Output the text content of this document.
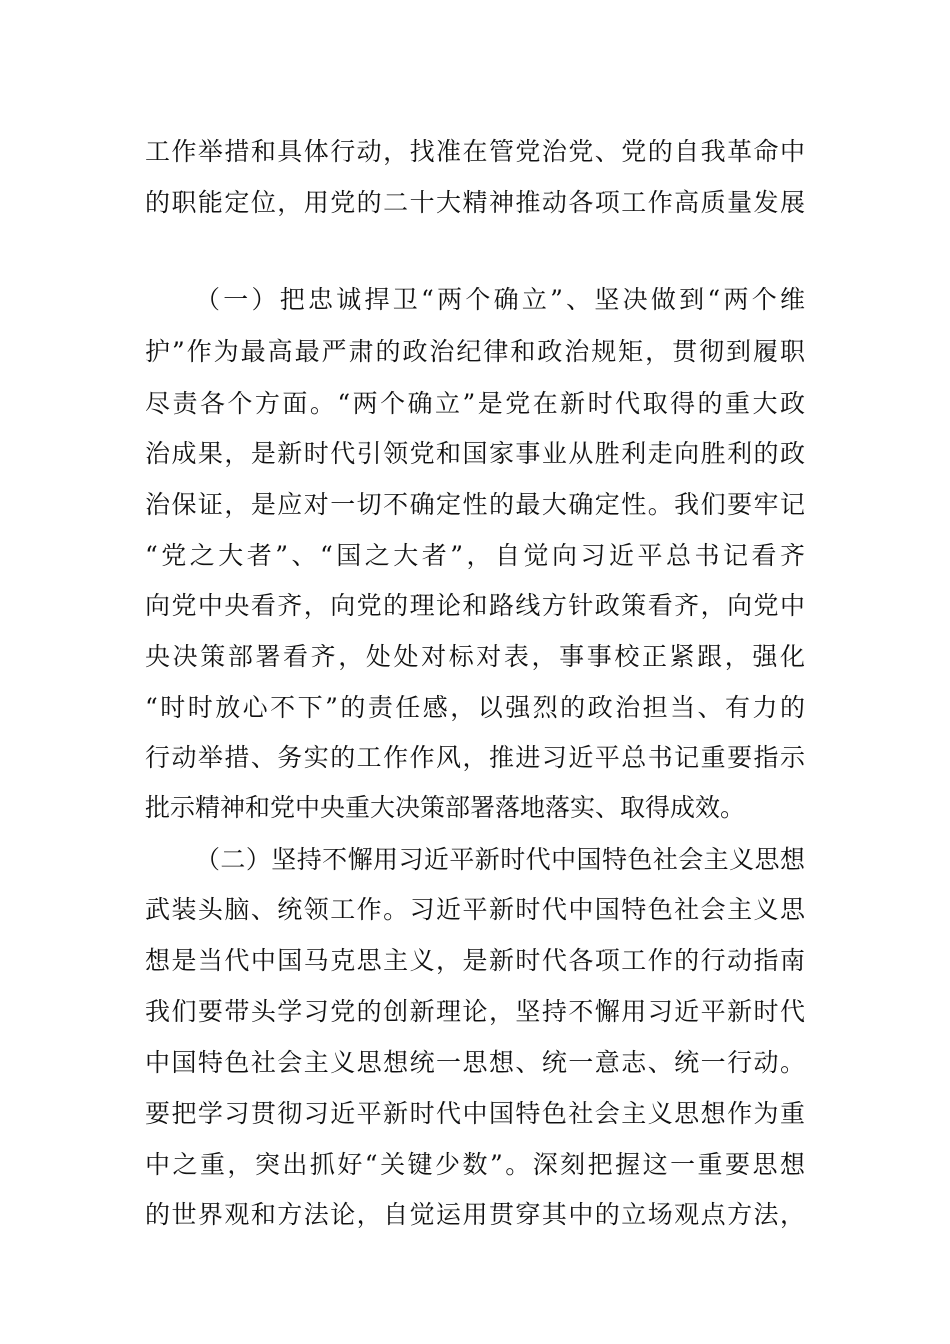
工作举措和具体行动，找准在管党治党、党的自我革命中
的职能定位，用党的二十大精神推动各项工作高质量发展
（一）把忠诚捍卫“两个确立”、坚决做到“两个维
护”作为最高最严肃的政治纪律和政治规矩，贯彻到履职
尽责各个方面。“两个确立”是党在新时代取得的重大政
治成果，是新时代引领党和国家事业从胜利走向胜利的政
治保证，是应对一切不确定性的最大确定性。我们要牢记
“党之大者”、“国之大者”，自觉向习近平总书记看齐
向党中央看齐，向党的理论和路线方针政策看齐，向党中
央决策部署看齐，处处对标对表，事事校正紧跟，强化
“时时放心不下”的责任感，以强烈的政治担当、有力的
行动举措、务实的工作作风，推进习近平总书记重要指示
批示精神和党中央重大决策部署落地落实、取得成效。
（二）坚持不懈用习近平新时代中国特色社会主义思想
武装头脑、统领工作。习近平新时代中国特色社会主义思
想是当代中国马克思主义，是新时代各项工作的行动指南
我们要带头学习党的创新理论，坚持不懈用习近平新时代
中国特色社会主义思想统一思想、统一意志、统一行动。
要把学习贯彻习近平新时代中国特色社会主义思想作为重
中之重，突出抓好“关键少数”。深刻把握这一重要思想
的世界观和方法论，自觉运用贯穿其中的立场观点方法，
